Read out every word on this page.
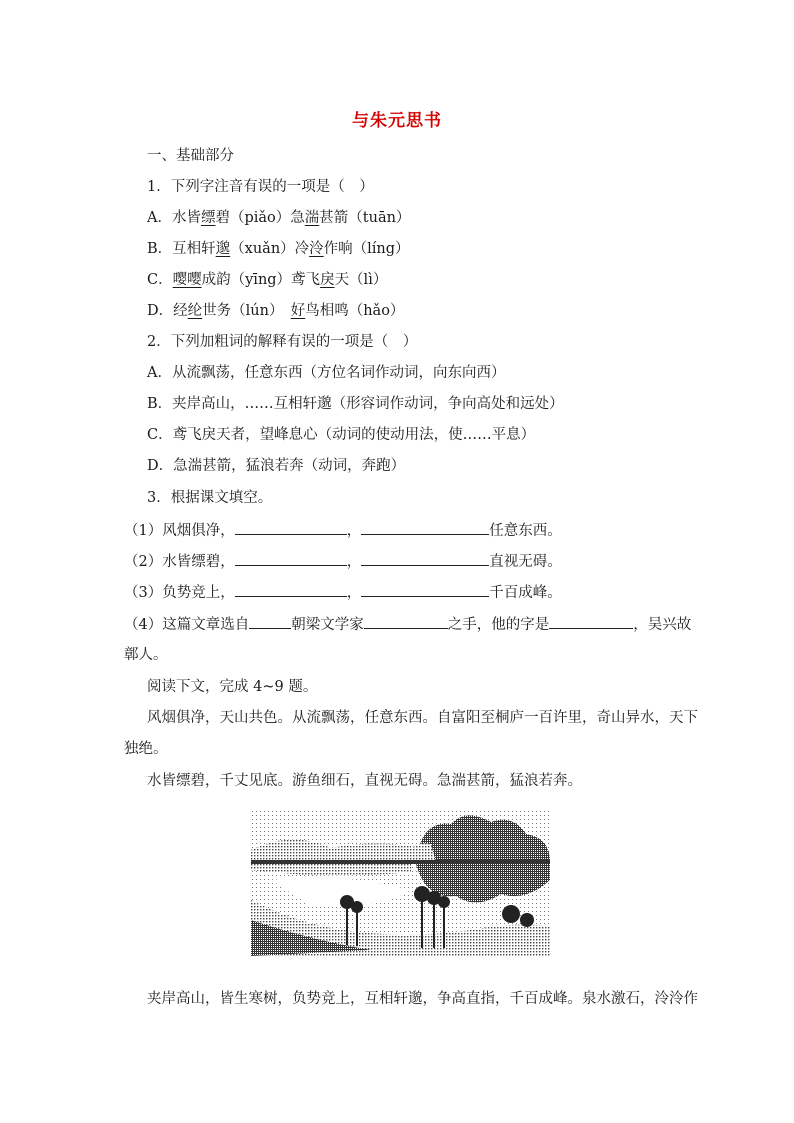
与朱元思书
一、基础部分
1．下列字注音有误的一项是（　）
A．水皆缥碧（piǎo）急湍甚箭（tuān）
B．互相轩邈（xuǎn）冷泠作响（líng）
C．嘤嘤成韵（yīng）鸢飞戾天（lì）
D．经纶世务（lún）　好鸟相鸣（hǎo）
2．下列加粗词的解释有误的一项是（　）
A．从流飘荡，任意东西（方位名词作动词，向东向西）
B．夹岸高山，……互相轩邈（形容词作动词，争向高处和远处）
C．鸢飞戾天者，望峰息心（动词的使动用法，使……平息）
D．急湍甚箭，猛浪若奔（动词，奔跑）
3．根据课文填空。
（1）风烟俱净，	，	任意东西。
（2）水皆缥碧，	，	直视无碍。
（3）负势竞上，	，	千百成峰。
（4）这篇文章选自	朝梁文学家	之手，他的字是	，吴兴故
鄣人。
阅读下文，完成 4~9 题。
风烟俱净，天山共色。从流飘荡，任意东西。自富阳至桐庐一百许里，奇山异水，天下
独绝。
水皆缥碧，千丈见底。游鱼细石，直视无碍。急湍甚箭，猛浪若奔。
夹岸高山，皆生寒树，负势竞上，互相轩邈，争高直指，千百成峰。泉水激石，泠泠作
